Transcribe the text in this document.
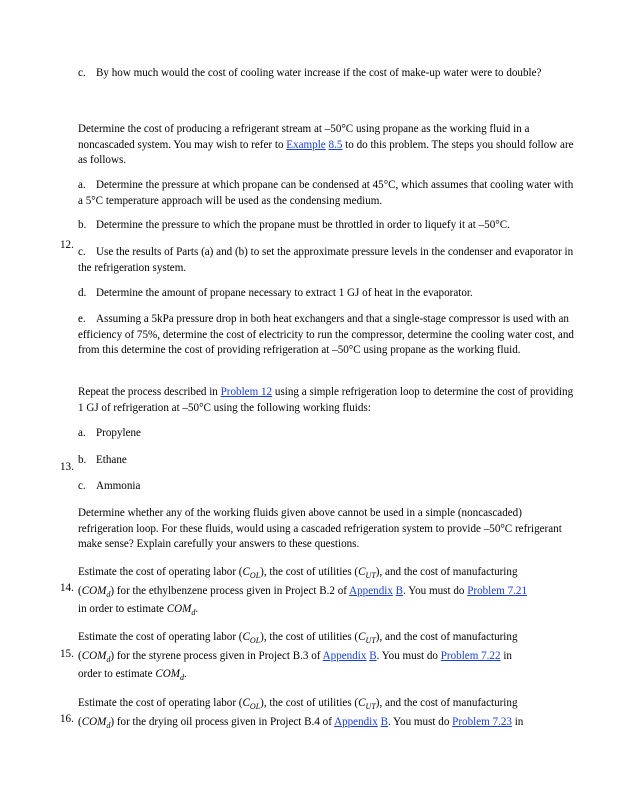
c. By how much would the cost of cooling water increase if the cost of make-up water were to double?

12.

Determine the cost of producing a refrigerant stream at –50°C using propane as the working fluid in a noncascaded system. You may wish to refer to Example 8.5 to do this problem. The steps you should follow are as follows.

a. Determine the pressure at which propane can be condensed at 45°C, which assumes that cooling water with a 5°C temperature approach will be used as the condensing medium.

b. Determine the pressure to which the propane must be throttled in order to liquefy it at –50°C.

c. Use the results of Parts (a) and (b) to set the approximate pressure levels in the condenser and evaporator in the refrigeration system.

d. Determine the amount of propane necessary to extract 1 GJ of heat in the evaporator.

e. Assuming a 5kPa pressure drop in both heat exchangers and that a single-stage compressor is used with an efficiency of 75%, determine the cost of electricity to run the compressor, determine the cooling water cost, and from this determine the cost of providing refrigeration at –50°C using propane as the working fluid.

13.

Repeat the process described in Problem 12 using a simple refrigeration loop to determine the cost of providing 1 GJ of refrigeration at –50°C using the following working fluids:

a. Propylene

b. Ethane

c. Ammonia

Determine whether any of the working fluids given above cannot be used in a simple (noncascaded) refrigeration loop. For these fluids, would using a cascaded refrigeration system to provide –50°C refrigerant make sense? Explain carefully your answers to these questions.

14.

Estimate the cost of operating labor $(C_{OL})$, the cost of utilities $(C_{UT})$, and the cost of manufacturing
$(COM_d)$ for the ethylbenzene process given in Project B.2 of Appendix B. You must do Problem 7.21
in order to estimate $COM_d$.

15.

Estimate the cost of operating labor $(C_{OL})$, the cost of utilities $(C_{UT})$, and the cost of manufacturing
$(COM_d)$ for the styrene process given in Project B.3 of Appendix B. You must do Problem 7.22 in
order to estimate $COM_d$.

16.

Estimate the cost of operating labor $(C_{OL})$, the cost of utilities $(C_{UT})$, and the cost of manufacturing
$(COM_d)$ for the drying oil process given in Project B.4 of Appendix B. You must do Problem 7.23 in
